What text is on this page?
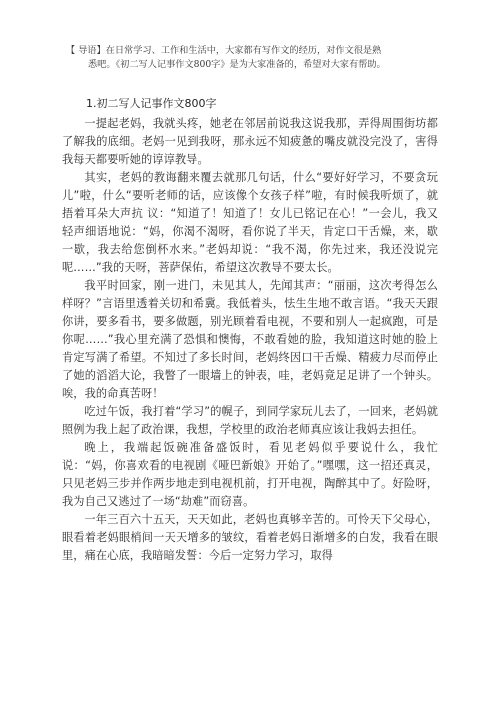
【 导语】在日常学习、工作和生活中，大家都有写作文的经历，对作文很是熟
悉吧。《初二写人记事作文800字》是为大家准备的，希望对大家有帮助。
1.初二写人记事作文800字

一提起老妈，我就头疼，她老在邻居前说我这说我那，弄得周围街坊都了解我的底细。老妈一见到我呀，那永远不知疲惫的嘴皮就没完没了，害得我每天都要听她的谆谆教导。

其实，老妈的教诲翻来覆去就那几句话，什么“要好好学习，不要贪玩儿”啦，什么“要听老师的话，应该像个女孩子样”啦，有时候我听烦了，就捂着耳朵大声抗 议：“知道了！知道了！女儿已铭记在心！”一会儿，我又轻声细语地说：“妈，你渴不渴呀，看你说了半天，肯定口干舌燥，来，歇一歇，我去给您倒杯水来。”老妈却说：“我不渴，你先过来，我还没说完呢……”我的天呀，菩萨保佑，希望这次教导不要太长。

我平时回家，刚一进门，未见其人，先闻其声：“丽丽，这次考得怎么样呀？”言语里透着关切和希冀。我低着头，怯生生地不敢言语。“我天天跟你讲，要多看书，要多做题，别光顾着看电视，不要和别人一起疯跑，可是你呢……”我心里充满了恐惧和懊悔，不敢看她的脸，我知道这时她的脸上肯定写满了希望。不知过了多长时间，老妈终因口干舌燥、精疲力尽而停止了她的滔滔大论，我瞥了一眼墙上的钟表，哇，老妈竟足足讲了一个钟头。唉，我的命真苦呀！

吃过午饭，我打着“学习”的幌子，到同学家玩儿去了，一回来，老妈就照例为我上起了政治课，我想，学校里的政治老师真应该让我妈去担任。

晚上，我端起饭碗准备盛饭时，看见老妈似乎要说什么，我忙说：“妈，你喜欢看的电视剧《哑巴新娘》开始了。”嘿嘿，这一招还真灵，只见老妈三步并作两步地走到电视机前，打开电视，陶醉其中了。好险呀，我为自己又逃过了一场“劫难”而窃喜。

一年三百六十五天，天天如此，老妈也真够辛苦的。可怜天下父母心，眼看着老妈眼梢间一天天增多的皱纹，看着老妈日渐增多的白发，我看在眼里，痛在心底，我暗暗发誓：今后一定努力学习，取得
